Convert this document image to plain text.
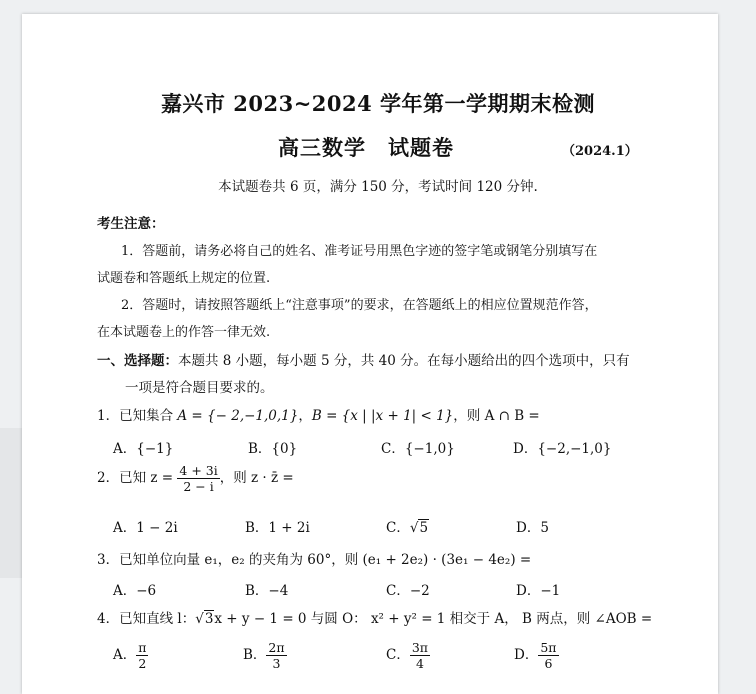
嘉兴市 2023~2024 学年第一学期期末检测
高三数学　试题卷	（2024.1）
本试题卷共 6 页，满分 150 分，考试时间 120 分钟.
考生注意：
1．答题前，请务必将自己的姓名、准考证号用黑色字迹的签字笔或钢笔分别填写在
试题卷和答题纸上规定的位置.
2．答题时，请按照答题纸上“注意事项”的要求，在答题纸上的相应位置规范作答，
在本试题卷上的作答一律无效.
一、选择题：本题共 8 小题，每小题 5 分，共 40 分。在每小题给出的四个选项中，只有
一项是符合题目要求的。
1．已知集合 A = {− 2,−1,0,1}，B = {x | |x + 1| < 1}，则 A ∩ B =
A．{−1}	B．{0}	C．{−1,0}	D．{−2,−1,0}
2．已知 $z = \frac{4 + 3i}{2 - i}$ ，则 z · z̄ =
A．1 − 2i	B．1 + 2i	C．√5	D．5
3．已知单位向量 e₁，e₂ 的夹角为 60°，则 (e₁ + 2e₂) · (3e₁ − 4e₂) =
A．−6	B．−4	C．−2	D．−1
4．已知直线 l：√3x + y − 1 = 0 与圆 O： x² + y² = 1 相交于 A， B 两点，则 ∠AOB =
A． $\frac{\pi}{2}$	B． $\frac{2\pi}{3}$	C． $\frac{3\pi}{4}$	D． $\frac{5\pi}{6}$
